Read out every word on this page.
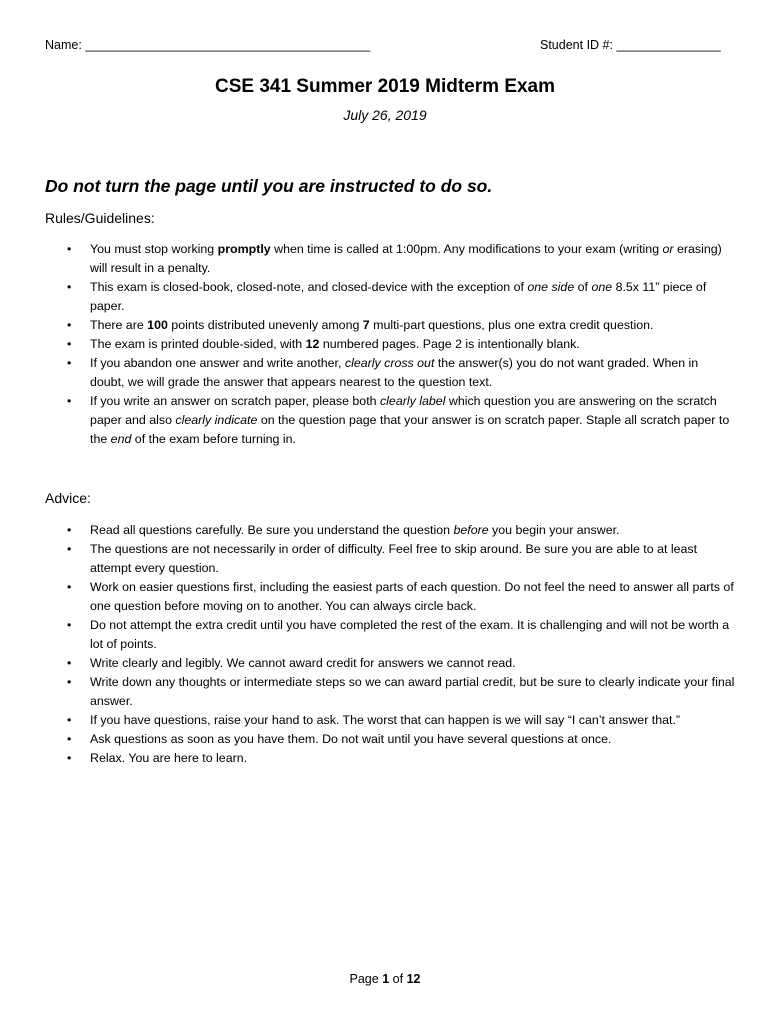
Name: _________________________________________	Student ID #: _______________
CSE 341 Summer 2019 Midterm Exam
July 26, 2019
Do not turn the page until you are instructed to do so.
Rules/Guidelines:
• You must stop working promptly when time is called at 1:00pm. Any modifications to your exam (writing or erasing) will result in a penalty.
• This exam is closed-book, closed-note, and closed-device with the exception of one side of one 8.5x 11” piece of paper.
• There are 100 points distributed unevenly among 7 multi-part questions, plus one extra credit question.
• The exam is printed double-sided, with 12 numbered pages. Page 2 is intentionally blank.
• If you abandon one answer and write another, clearly cross out the answer(s) you do not want graded. When in doubt, we will grade the answer that appears nearest to the question text.
• If you write an answer on scratch paper, please both clearly label which question you are answering on the scratch paper and also clearly indicate on the question page that your answer is on scratch paper. Staple all scratch paper to the end of the exam before turning in.
Advice:
• Read all questions carefully. Be sure you understand the question before you begin your answer.
• The questions are not necessarily in order of difficulty. Feel free to skip around. Be sure you are able to at least attempt every question.
• Work on easier questions first, including the easiest parts of each question. Do not feel the need to answer all parts of one question before moving on to another. You can always circle back.
• Do not attempt the extra credit until you have completed the rest of the exam. It is challenging and will not be worth a lot of points.
• Write clearly and legibly. We cannot award credit for answers we cannot read.
• Write down any thoughts or intermediate steps so we can award partial credit, but be sure to clearly indicate your final answer.
• If you have questions, raise your hand to ask. The worst that can happen is we will say “I can’t answer that.”
• Ask questions as soon as you have them. Do not wait until you have several questions at once.
• Relax. You are here to learn.
Page 1 of 12
